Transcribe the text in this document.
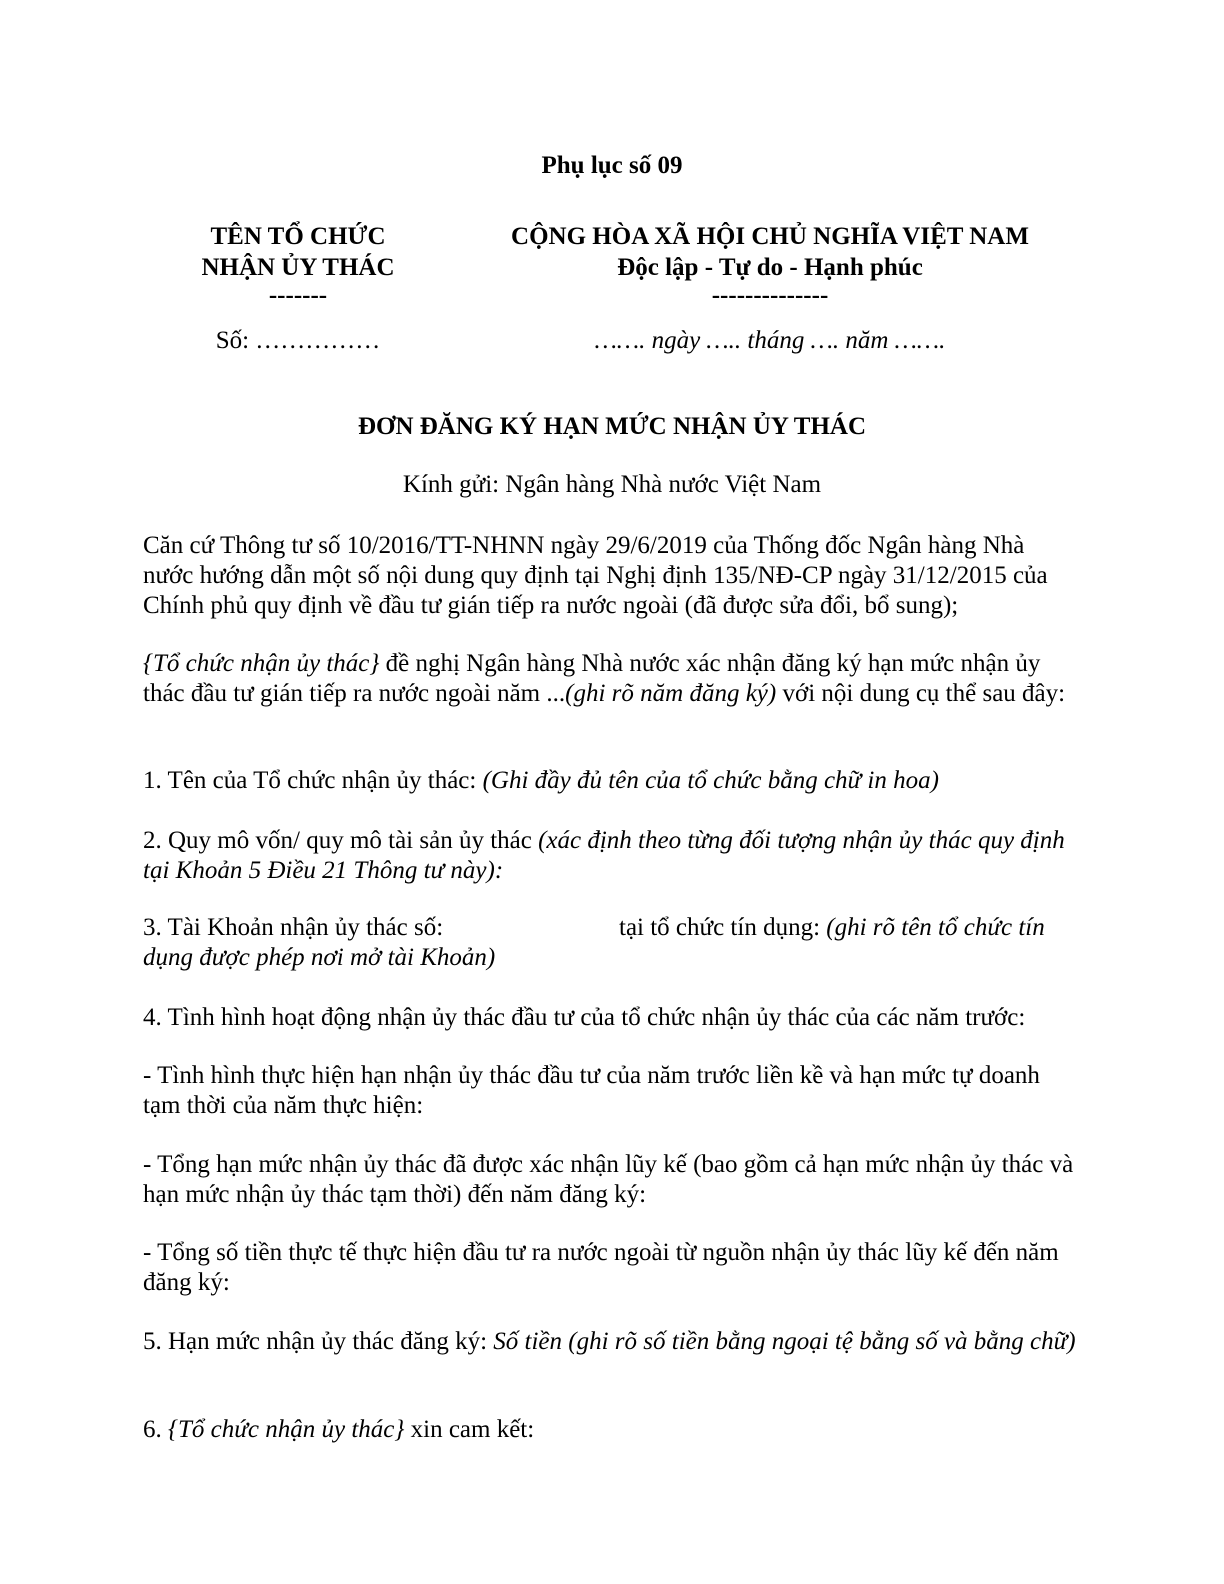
Phụ lục số 09
TÊN TỔ CHỨC
NHẬN ỦY THÁC
-------
Số: ……………
CỘNG HÒA XÃ HỘI CHỦ NGHĨA VIỆT NAM
Độc lập - Tự do - Hạnh phúc
--------------
……. ngày ….. tháng …. năm …….
ĐƠN ĐĂNG KÝ HẠN MỨC NHẬN ỦY THÁC
Kính gửi: Ngân hàng Nhà nước Việt Nam
Căn cứ Thông tư số 10/2016/TT-NHNN ngày 29/6/2019 của Thống đốc Ngân hàng Nhà nước hướng dẫn một số nội dung quy định tại Nghị định 135/NĐ-CP ngày 31/12/2015 của Chính phủ quy định về đầu tư gián tiếp ra nước ngoài (đã được sửa đổi, bổ sung);
{Tổ chức nhận ủy thác} đề nghị Ngân hàng Nhà nước xác nhận đăng ký hạn mức nhận ủy thác đầu tư gián tiếp ra nước ngoài năm ...(ghi rõ năm đăng ký) với nội dung cụ thể sau đây:
1. Tên của Tổ chức nhận ủy thác: (Ghi đầy đủ tên của tổ chức bằng chữ in hoa)
2. Quy mô vốn/ quy mô tài sản ủy thác (xác định theo từng đối tượng nhận ủy thác quy định tại Khoản 5 Điều 21 Thông tư này):
3. Tài Khoản nhận ủy thác số:	tại tổ chức tín dụng: (ghi rõ tên tổ chức tín
dụng được phép nơi mở tài Khoản)
4. Tình hình hoạt động nhận ủy thác đầu tư của tổ chức nhận ủy thác của các năm trước:
- Tình hình thực hiện hạn nhận ủy thác đầu tư của năm trước liền kề và hạn mức tự doanh tạm thời của năm thực hiện:
- Tổng hạn mức nhận ủy thác đã được xác nhận lũy kế (bao gồm cả hạn mức nhận ủy thác và hạn mức nhận ủy thác tạm thời) đến năm đăng ký:
- Tổng số tiền thực tế thực hiện đầu tư ra nước ngoài từ nguồn nhận ủy thác lũy kế đến năm đăng ký:
5. Hạn mức nhận ủy thác đăng ký: Số tiền (ghi rõ số tiền bằng ngoại tệ bằng số và bằng chữ)
6. {Tổ chức nhận ủy thác} xin cam kết:
